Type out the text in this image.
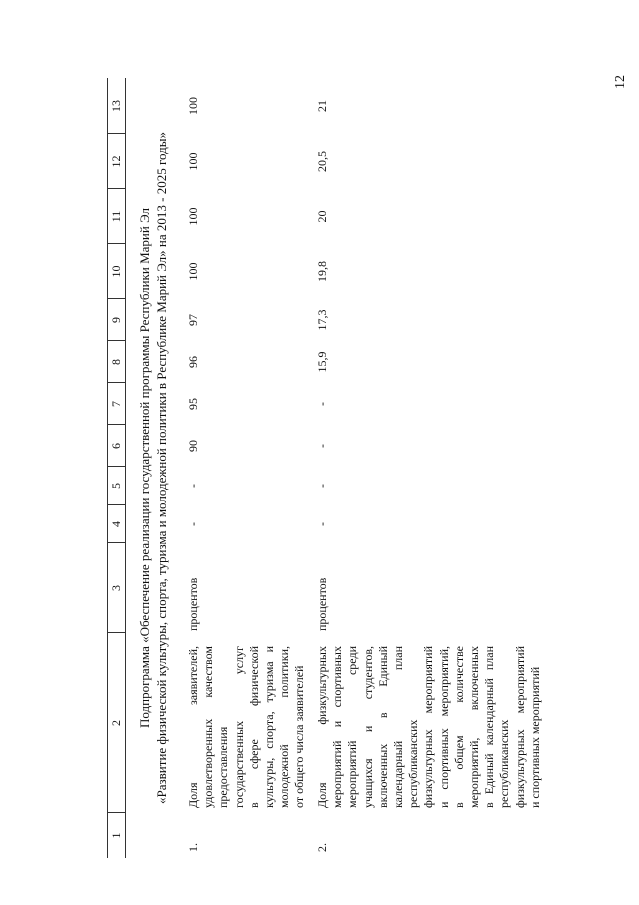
12
1
2
3
4
5
6
7
8
9
10
11
12
13
Подпрограмма «Обеспечение реализации государственной программы Республики Марий Эл «Развитие физической культуры, спорта, туризма и молодежной политики в Республике Марий Эл» на 2013 - 2025 годы»
1.
Доля заявителей, удовлетворенных качеством предоставления государственных услуг в сфере физической культуры, спорта, туризма и молодежной политики, от общего числа заявителей
процентов
-
-
90
95
96
97
100
100
100
100
2.
Доля физкультурных мероприятий и спортивных мероприятий среди учащихся и студентов, включенных в Единый календарный план республиканских физкультурных мероприятий и спортивных мероприятий, в общем количестве мероприятий, включенных в Единый календарный план республиканских физкультурных мероприятий и спортивных мероприятий
процентов
-
-
-
-
15,9
17,3
19,8
20
20,5
21
